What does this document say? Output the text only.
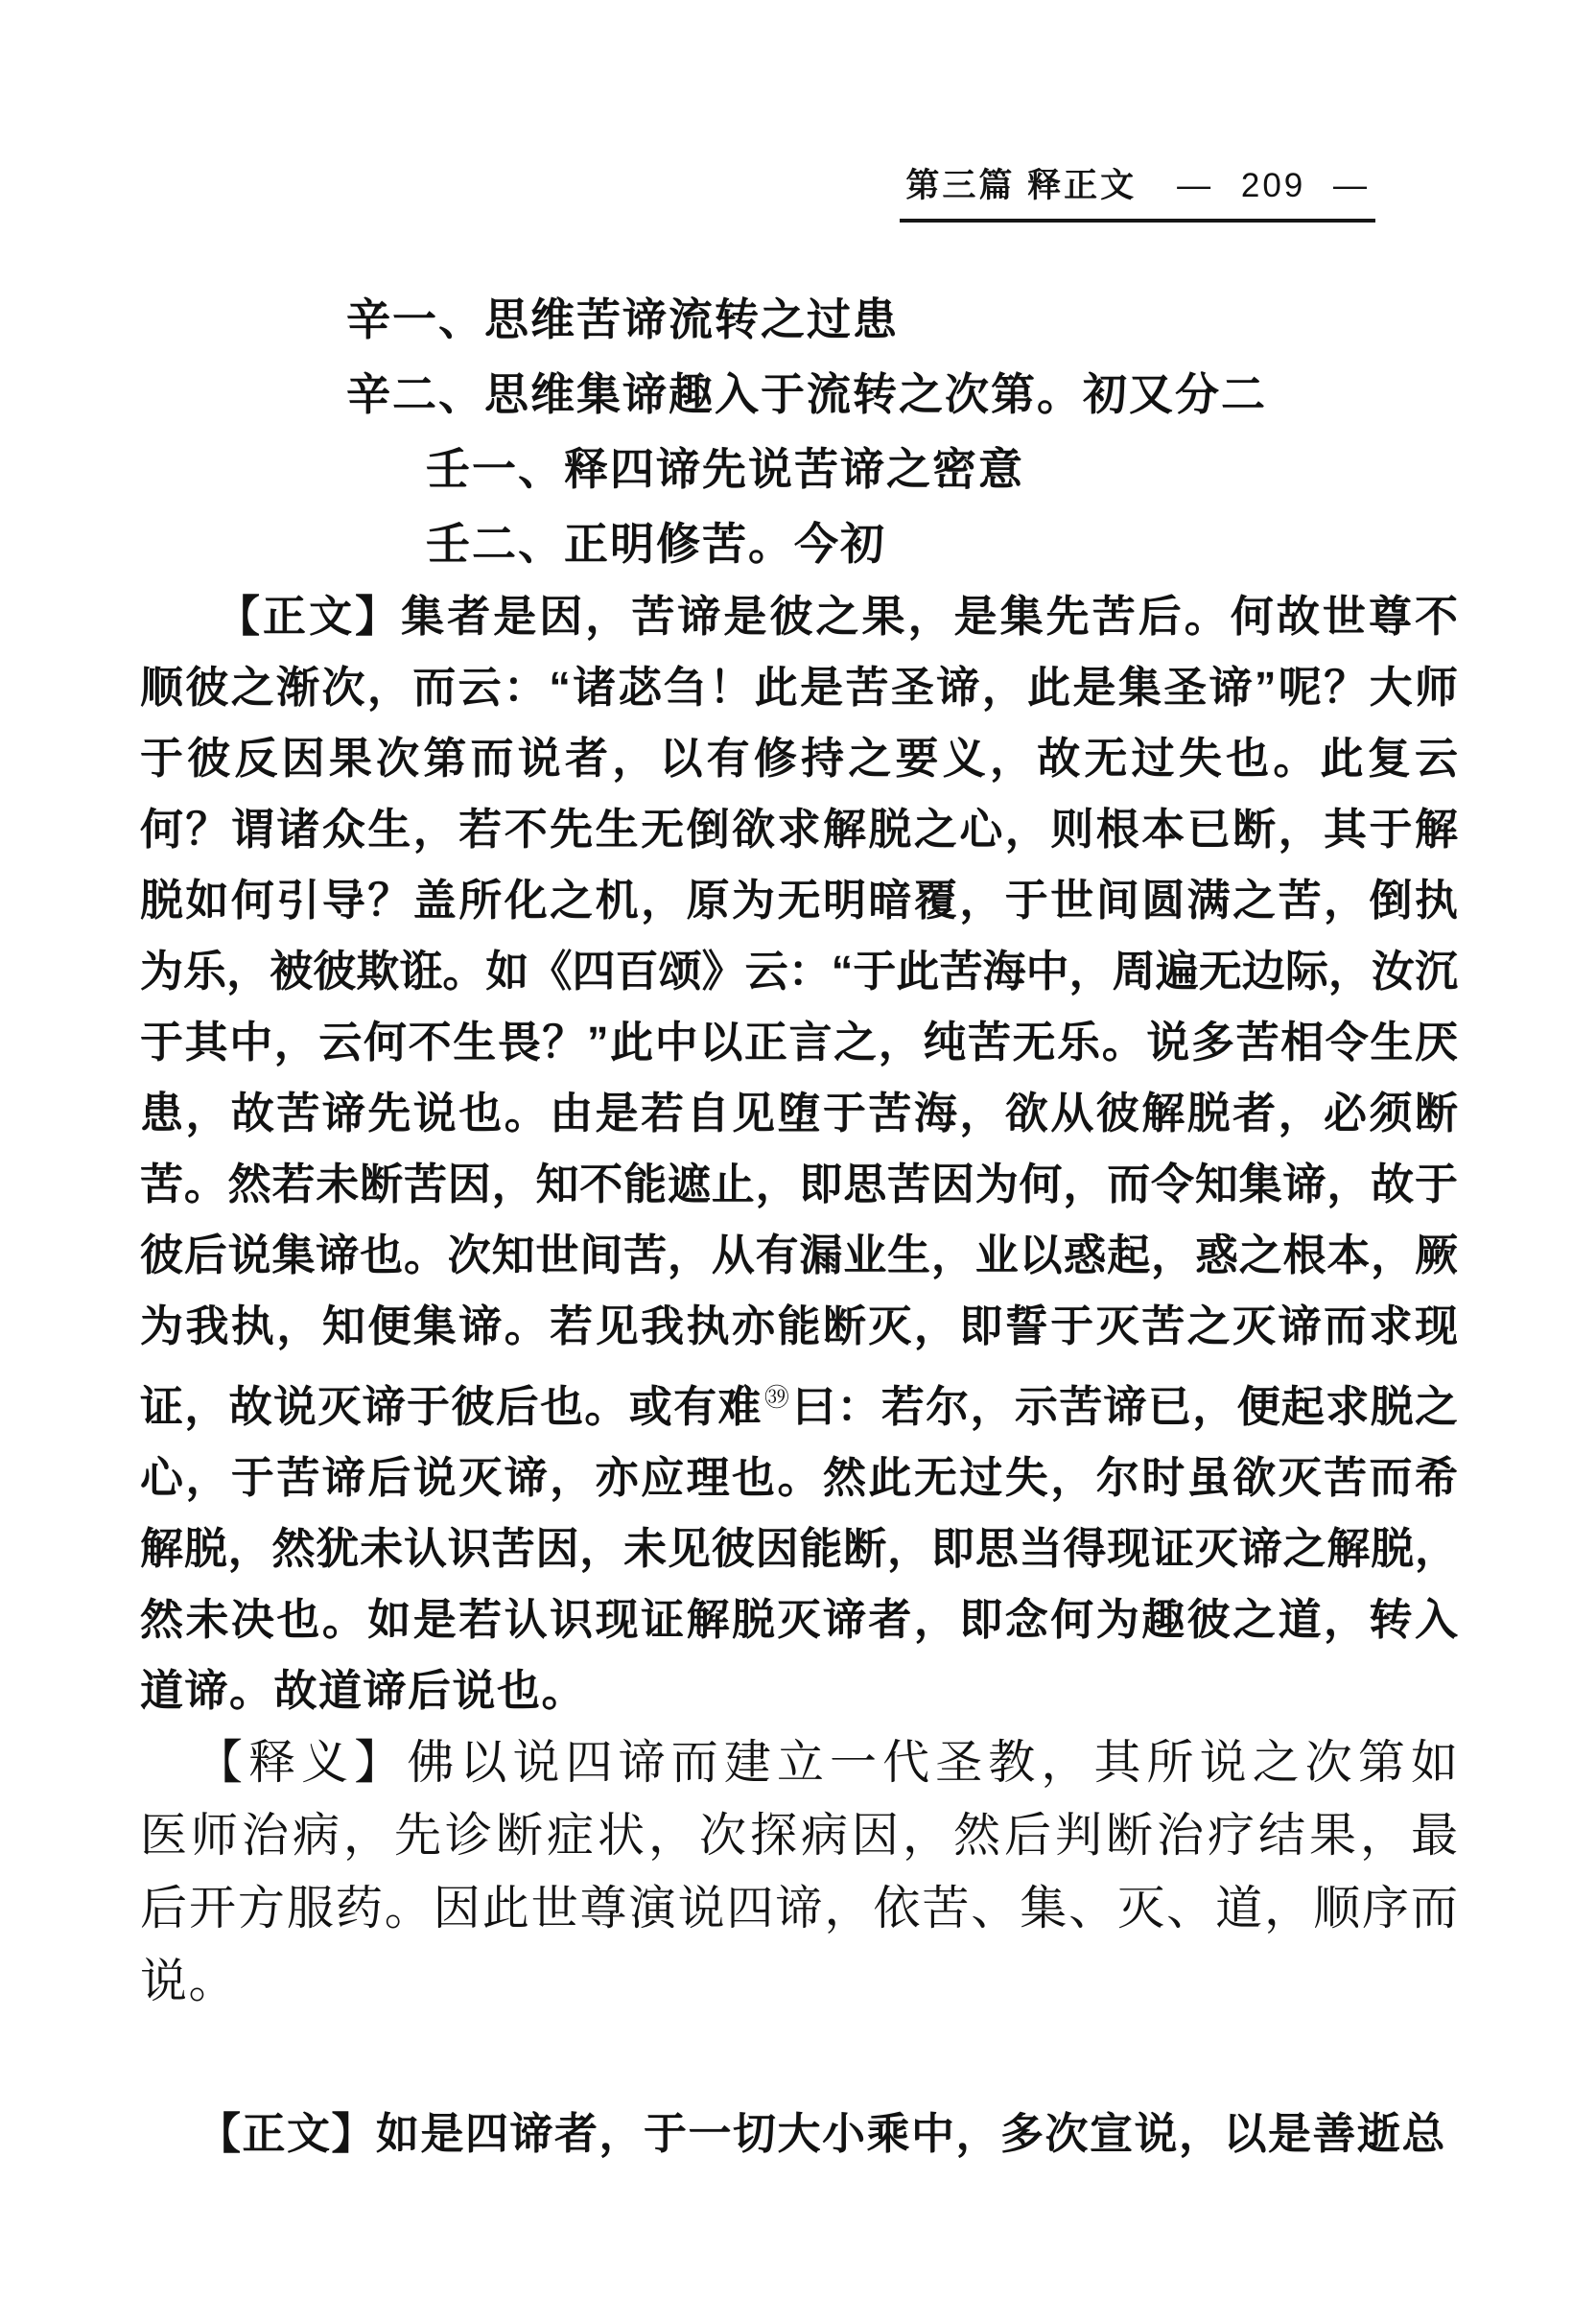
第三篇 释正文 — 209 —
辛一、思维苦谛流转之过患
辛二、思维集谛趣入于流转之次第。初又分二
壬一、释四谛先说苦谛之密意
壬二、正明修苦。今初
【正文】集者是因，苦谛是彼之果，是集先苦后。何故世尊不
顺彼之渐次，而云：“诸苾刍！此是苦圣谛，此是集圣谛”呢？大师
于彼反因果次第而说者，以有修持之要义，故无过失也。此复云
何？谓诸众生，若不先生无倒欲求解脱之心，则根本已断，其于解
脱如何引导？盖所化之机，原为无明暗覆，于世间圆满之苦，倒执
为乐，被彼欺诳。如《四百颂》云：“于此苦海中，周遍无边际，汝沉
于其中，云何不生畏？”此中以正言之，纯苦无乐。说多苦相令生厌
患，故苦谛先说也。由是若自见堕于苦海，欲从彼解脱者，必须断
苦。然若未断苦因，知不能遮止，即思苦因为何，而令知集谛，故于
彼后说集谛也。次知世间苦，从有漏业生，业以惑起，惑之根本，厥
为我执，知便集谛。若见我执亦能断灭，即誓于灭苦之灭谛而求现
证，故说灭谛于彼后也。或有难$^㊴$曰：若尔，示苦谛已，便起求脱之
心，于苦谛后说灭谛，亦应理也。然此无过失，尔时虽欲灭苦而希
解脱，然犹未认识苦因，未见彼因能断，即思当得现证灭谛之解脱，
然未决也。如是若认识现证解脱灭谛者，即念何为趣彼之道，转入
道谛。故道谛后说也。
【释义】佛以说四谛而建立一代圣教，其所说之次第如
医师治病，先诊断症状，次探病因，然后判断治疗结果，最
后开方服药。因此世尊演说四谛，依苦、集、灭、道，顺序而
说。
【正文】如是四谛者，于一切大小乘中，多次宣说，以是善逝总
